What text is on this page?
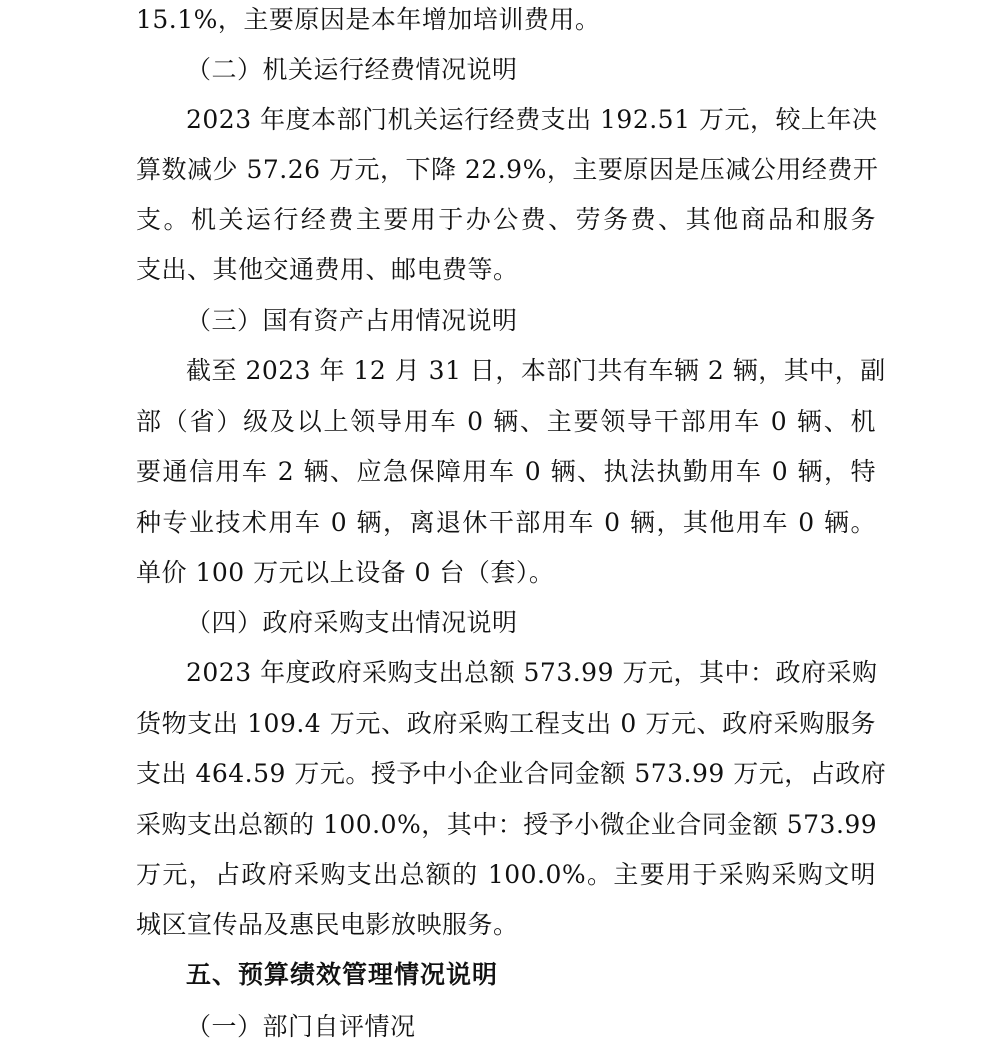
15.1%，主要原因是本年增加培训费用。
（二）机关运行经费情况说明
2023 年度本部门机关运行经费支出 192.51 万元，较上年决
算数减少 57.26 万元，下降 22.9%，主要原因是压减公用经费开
支。机关运行经费主要用于办公费、劳务费、其他商品和服务
支出、其他交通费用、邮电费等。
（三）国有资产占用情况说明
截至 2023 年 12 月 31 日，本部门共有车辆 2 辆，其中，副
部（省）级及以上领导用车 0 辆、主要领导干部用车 0 辆、机
要通信用车 2 辆、应急保障用车 0 辆、执法执勤用车 0 辆，特
种专业技术用车 0 辆，离退休干部用车 0 辆，其他用车 0 辆。
单价 100 万元以上设备 0 台（套）。
（四）政府采购支出情况说明
2023 年度政府采购支出总额 573.99 万元，其中：政府采购
货物支出 109.4 万元、政府采购工程支出 0 万元、政府采购服务
支出 464.59 万元。授予中小企业合同金额 573.99 万元，占政府
采购支出总额的 100.0%，其中：授予小微企业合同金额 573.99
万元，占政府采购支出总额的 100.0%。主要用于采购采购文明
城区宣传品及惠民电影放映服务。
五、预算绩效管理情况说明
（一）部门自评情况
